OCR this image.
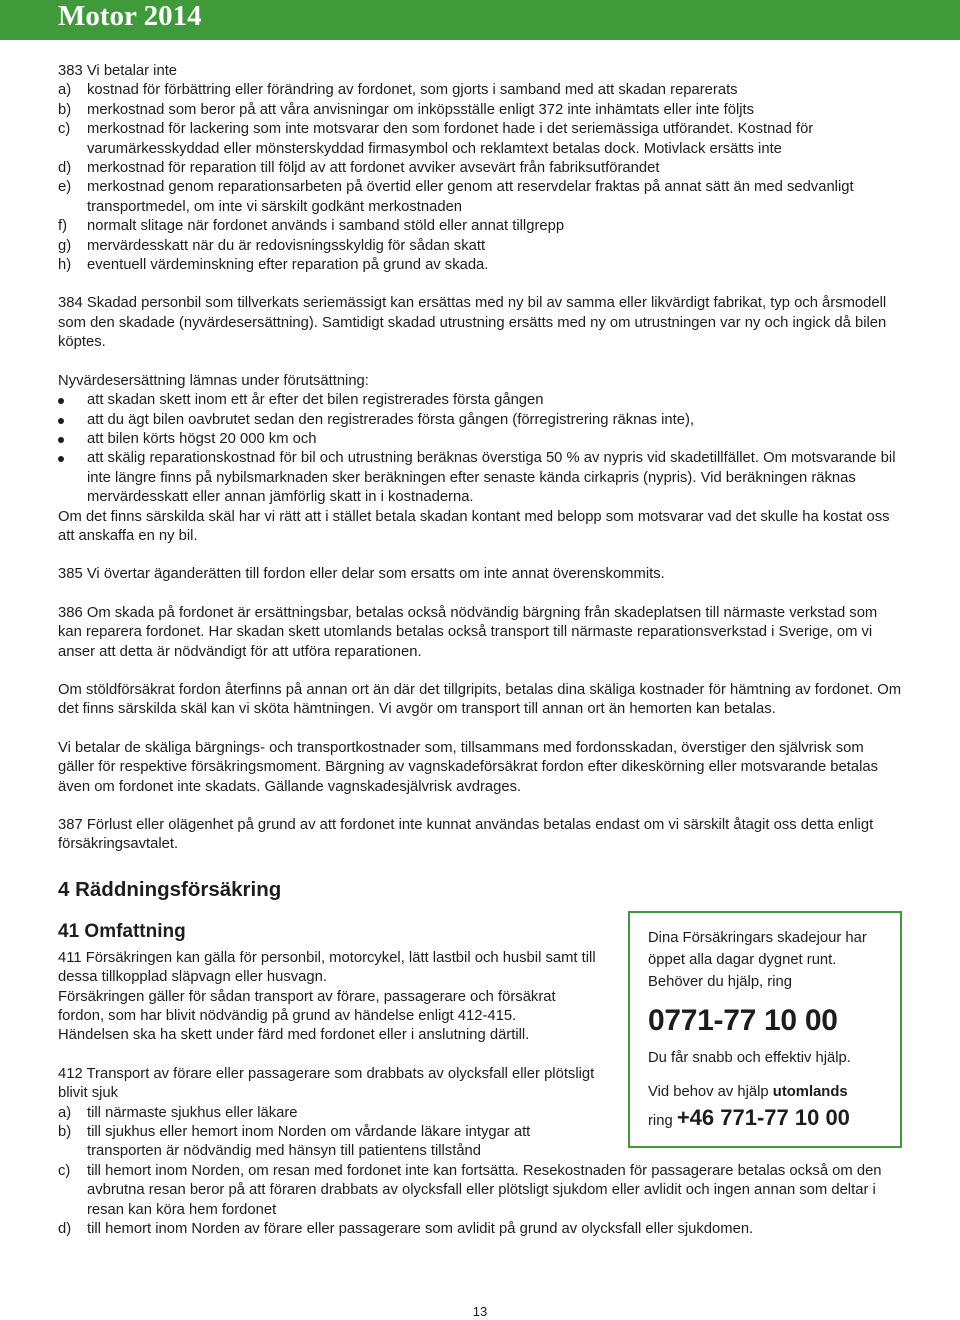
Motor 2014

383 Vi betalar inte

a) kostnad för förbättring eller förändring av fordonet, som gjorts i samband med att skadan reparerats
b) merkostnad som beror på att våra anvisningar om inköpsställe enligt 372 inte inhämtats eller inte följts
c) merkostnad för lackering som inte motsvarar den som fordonet hade i det seriemässiga utförandet. Kostnad för varumärkesskyddad eller mönsterskyddad firmasymbol och reklamtext betalas dock. Motivlack ersätts inte
d) merkostnad för reparation till följd av att fordonet avviker avsevärt från fabriksutförandet
e) merkostnad genom reparationsarbeten på övertid eller genom att reservdelar fraktas på annat sätt än med sedvanligt transportmedel, om inte vi särskilt godkänt merkostnaden
f) normalt slitage när fordonet används i samband stöld eller annat tillgrepp
g) mervärdesskatt när du är redovisningsskyldig för sådan skatt
h) eventuell värdeminskning efter reparation på grund av skada.

384 Skadad personbil som tillverkats seriemässigt kan ersättas med ny bil av samma eller likvärdigt fabrikat, typ och årsmodell som den skadade (nyvärdesersättning). Samtidigt skadad utrustning ersätts med ny om utrustningen var ny och ingick då bilen köptes.

Nyvärdesersättning lämnas under förutsättning:

att skadan skett inom ett år efter det bilen registrerades första gången
att du ägt bilen oavbrutet sedan den registrerades första gången (förregistrering räknas inte),
att bilen körts högst 20 000 km och
att skälig reparationskostnad för bil och utrustning beräknas överstiga 50 % av nypris vid skadetillfället. Om motsvarande bil inte längre finns på nybilsmarknaden sker beräkningen efter senaste kända cirkapris (nypris). Vid beräkningen räknas mervärdesskatt eller annan jämförlig skatt in i kostnaderna.

Om det finns särskilda skäl har vi rätt att i stället betala skadan kontant med belopp som motsvarar vad det skulle ha kostat oss att anskaffa en ny bil.

385 Vi övertar äganderätten till fordon eller delar som ersatts om inte annat överenskommits.

386 Om skada på fordonet är ersättningsbar, betalas också nödvändig bärgning från skadeplatsen till närmaste verkstad som kan reparera fordonet. Har skadan skett utomlands betalas också transport till närmaste reparationsverkstad i Sverige, om vi anser att detta är nödvändigt för att utföra reparationen.

Om stöldförsäkrat fordon återfinns på annan ort än där det tillgripits, betalas dina skäliga kostnader för hämtning av fordonet. Om det finns särskilda skäl kan vi sköta hämtningen. Vi avgör om transport till annan ort än hemorten kan betalas.

Vi betalar de skäliga bärgnings- och transportkostnader som, tillsammans med fordonsskadan, överstiger den självrisk som gäller för respektive försäkringsmoment. Bärgning av vagnskadeförsäkrat fordon efter dikeskörning eller motsvarande betalas även om fordonet inte skadats. Gällande vagnskadesjälvrisk avdrages.

387 Förlust eller olägenhet på grund av att fordonet inte kunnat användas betalas endast om vi särskilt åtagit oss detta enligt försäkringsavtalet.

4 Räddningsförsäkring
41 Omfattning

411 Försäkringen kan gälla för personbil, motorcykel, lätt lastbil och husbil samt till dessa tillkopplad släpvagn eller husvagn.

Försäkringen gäller för sådan transport av förare, passagerare och försäkrat fordon, som har blivit nödvändig på grund av händelse enligt 412-415.

Händelsen ska ha skett under färd med fordonet eller i anslutning därtill.

412 Transport av förare eller passagerare som drabbats av olycksfall eller plötsligt blivit sjuk

a) till närmaste sjukhus eller läkare
b) till sjukhus eller hemort inom Norden om vårdande läkare intygar att transporten är nödvändig med hänsyn till patientens tillstånd
c) till hemort inom Norden, om resan med fordonet inte kan fortsätta. Resekostnaden för passagerare betalas också om den avbrutna resan beror på att föraren drabbats av olycksfall eller plötsligt sjukdom eller avlidit och ingen annan som deltar i resan kan köra hem fordonet
d) till hemort inom Norden av förare eller passagerare som avlidit på grund av olycksfall eller sjukdomen.
Dina Försäkringars skadejour har öppet alla dagar dygnet runt. Behöver du hjälp, ring
0771-77 10 00
Du får snabb och effektiv hjälp.
Vid behov av hjälp utomlands
ring +46 771-77 10 00
13
